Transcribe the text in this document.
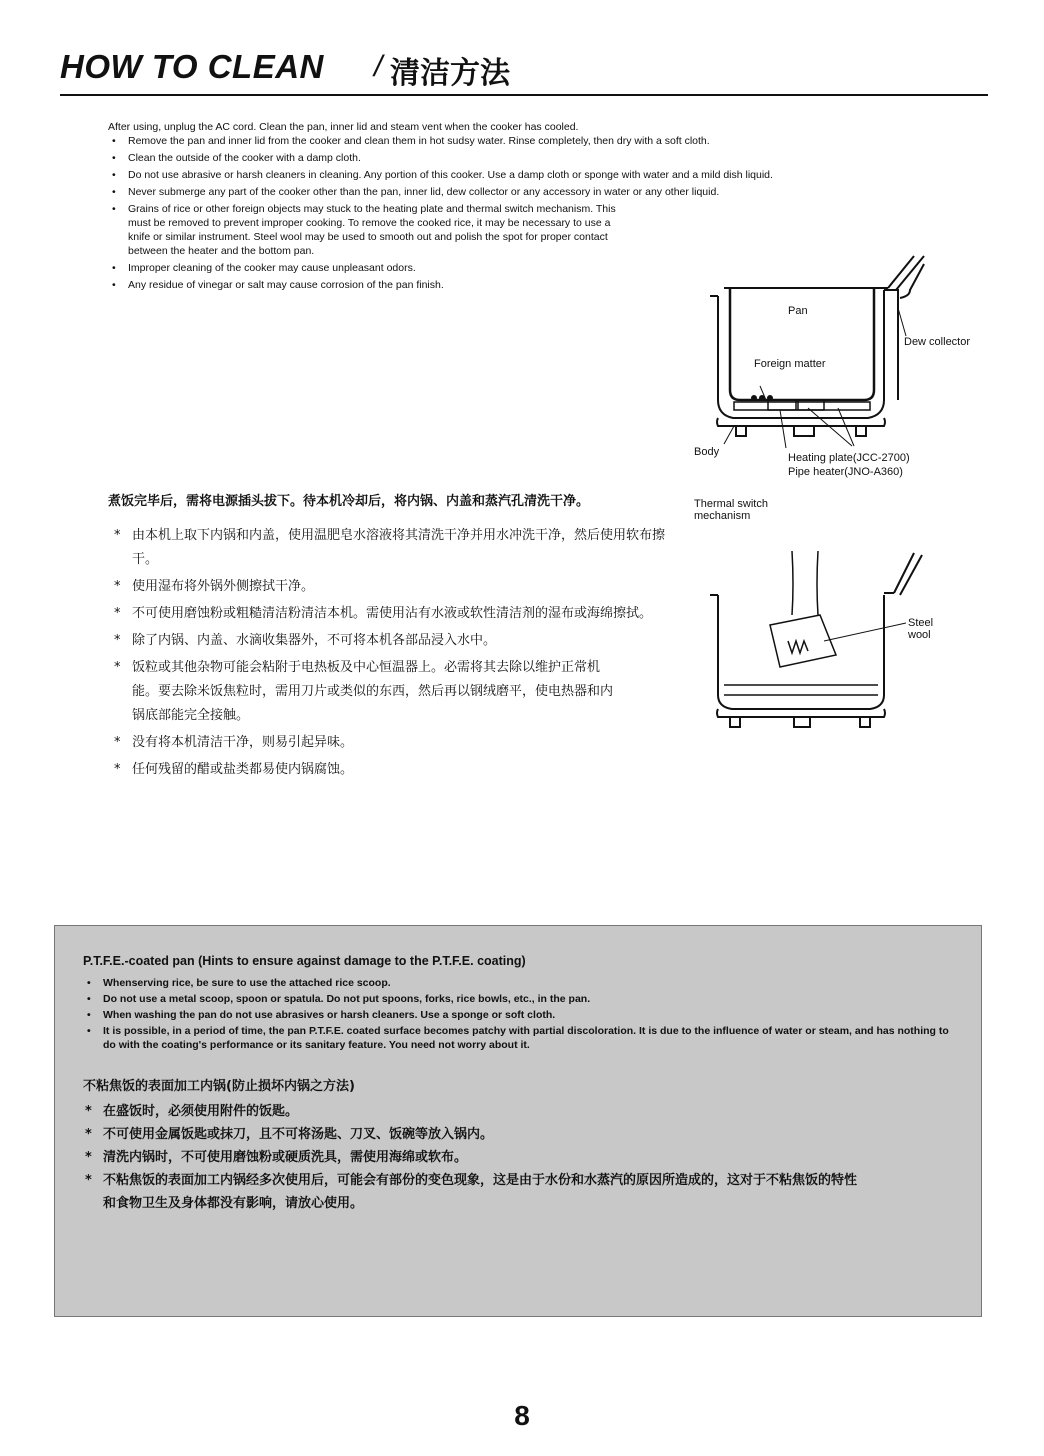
HOW TO CLEAN / 清洁方法

After using, unplug the AC cord. Clean the pan, inner lid and steam vent when the cooker has cooled.

• Remove the pan and inner lid from the cooker and clean them in hot sudsy water. Rinse completely, then dry with a soft cloth.
• Clean the outside of the cooker with a damp cloth.
• Do not use abrasive or harsh cleaners in cleaning. Any portion of this cooker. Use a damp cloth or sponge with water and a mild dish liquid.
• Never submerge any part of the cooker other than the pan, inner lid, dew collector or any accessory in water or any other liquid.
• Grains of rice or other foreign objects may stuck to the heating plate and thermal switch mechanism. This must be removed to prevent improper cooking. To remove the cooked rice, it may be necessary to use a knife or similar instrument. Steel wool may be used to smooth out and polish the spot for proper contact between the heater and the bottom pan.
• Improper cleaning of the cooker may cause unpleasant odors.
• Any residue of vinegar or salt may cause corrosion of the pan finish.
Pan
Dew collector
Foreign matter
Body	Heating plate(JCC-2700)
Pipe heater(JNO-A360)
Thermal switch mechanism
Steel wool

煮饭完毕后，需将电源插头拔下。待本机冷却后，将内锅、内盖和蒸汽孔清洗干净。

* 由本机上取下内锅和内盖，使用温肥皂水溶液将其清洗干净并用水冲洗干净，然后使用软布擦干。
* 使用湿布将外锅外侧擦拭干净。
* 不可使用磨蚀粉或粗糙清洁粉清洁本机。需使用沾有水液或软性清洁剂的湿布或海绵擦拭。
* 除了内锅、内盖、水滴收集器外，不可将本机各部品浸入水中。
* 饭粒或其他杂物可能会粘附于电热板及中心恒温器上。必需将其去除以维护正常机能。要去除米饭焦粒时，需用刀片或类似的东西，然后再以钢绒磨平，使电热器和内锅底部能完全接触。
* 没有将本机清洁干净，则易引起异味。
* 任何残留的醋或盐类都易使内锅腐蚀。

P.T.F.E.-coated pan (Hints to ensure against damage to the P.T.F.E. coating)

• Whenserving rice, be sure to use the attached rice scoop.
• Do not use a metal scoop, spoon or spatula. Do not put spoons, forks, rice bowls, etc., in the pan.
• When washing the pan do not use abrasives or harsh cleaners. Use a sponge or soft cloth.
• It is possible, in a period of time, the pan P.T.F.E. coated surface becomes patchy with partial discoloration. It is due to the influence of water or steam, and has nothing to do with the coating's performance or its sanitary feature. You need not worry about it.

不粘焦饭的表面加工内锅(防止损坏内锅之方法)

* 在盛饭时，必须使用附件的饭匙。
* 不可使用金属饭匙或抹刀，且不可将汤匙、刀叉、饭碗等放入锅内。
* 清洗内锅时，不可使用磨蚀粉或硬质洗具，需使用海绵或软布。
* 不粘焦饭的表面加工内锅经多次使用后，可能会有部份的变色现象，这是由于水份和水蒸汽的原因所造成的，这对于不粘焦饭的特性和食物卫生及身体都没有影响，请放心使用。
8
